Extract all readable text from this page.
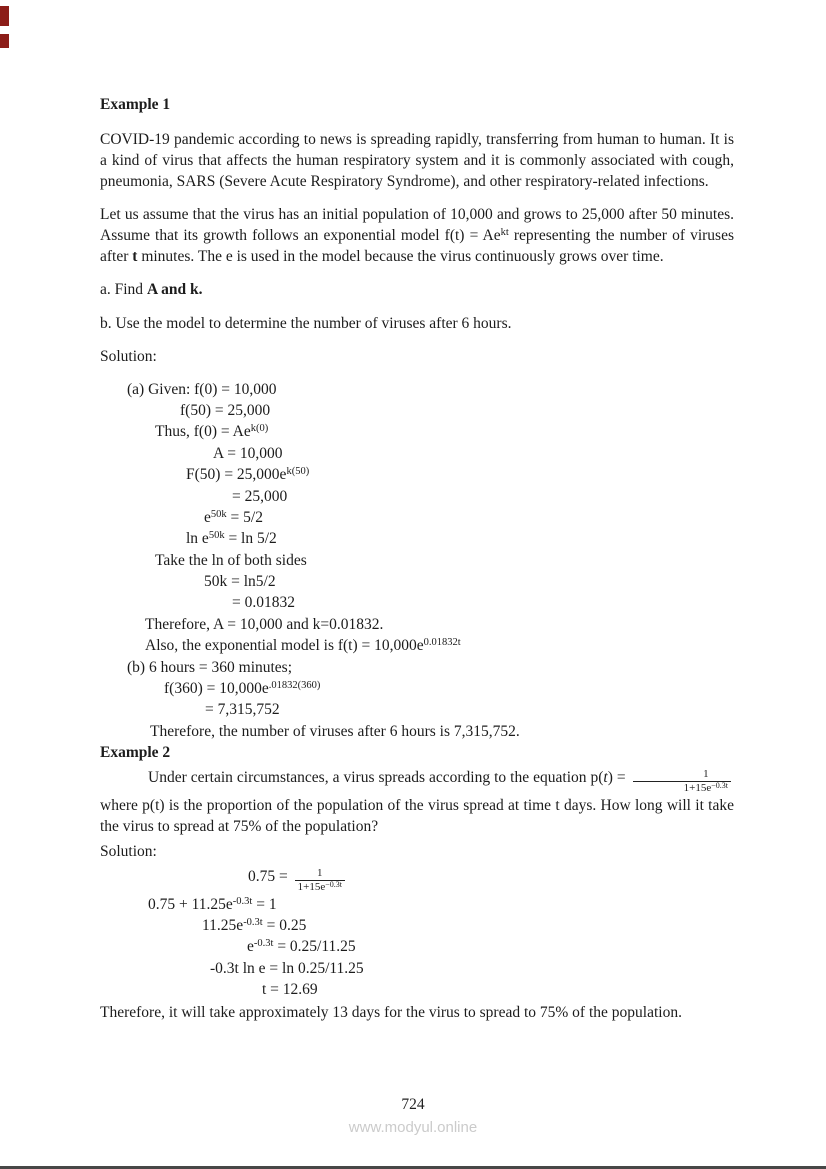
Example 1

COVID-19 pandemic according to news is spreading rapidly, transferring from human to human. It is a kind of virus that affects the human respiratory system and it is commonly associated with cough, pneumonia, SARS (Severe Acute Respiratory Syndrome), and other respiratory-related infections.

Let us assume that the virus has an initial population of 10,000 and grows to 25,000 after 50 minutes. Assume that its growth follows an exponential model $f(t) = Ae^{kt}$ representing the number of viruses after t minutes. The e is used in the model because the virus continuously grows over time.

a. Find A and k.

b. Use the model to determine the number of viruses after 6 hours.

Solution:

(a) Given: f(0) = 10,000
f(50) = 25,000
Thus, $f(0) = Ae^{k(0)}$
A = 10,000
$F(50) = 25,000e^{k(50)}$
= 25,000
$e^{50k} = 5/2$
$\ln e^{50k} = \ln 5/2$
Take the ln of both sides
50k = ln5/2
= 0.01832
Therefore, A = 10,000 and k=0.01832.
Also, the exponential model is $f(t) = 10,000e^{0.01832t}$
(b) 6 hours = 360 minutes;
$f(360) = 10,000e^{.01832(360)}$
= 7,315,752
Therefore, the number of viruses after 6 hours is 7,315,752.
Example 2

Under certain circumstances, a virus spreads according to the equation $p(t) = \frac{1}{1+15e^{-0.3t}}$
where p(t) is the proportion of the population of the virus spread at time t days. How long will it take the virus to spread at 75% of the population?

Solution:

$0.75 = \frac{1}{1+15e^{-0.3t}}$
$0.75 + 11.25e^{-0.3t} = 1$
$11.25e^{-0.3t} = 0.25$
$e^{-0.3t} = 0.25/11.25$
-0.3t ln e = ln 0.25/11.25
t = 12.69

Therefore, it will take approximately 13 days for the virus to spread to 75% of the population.

724
www.modyul.online
